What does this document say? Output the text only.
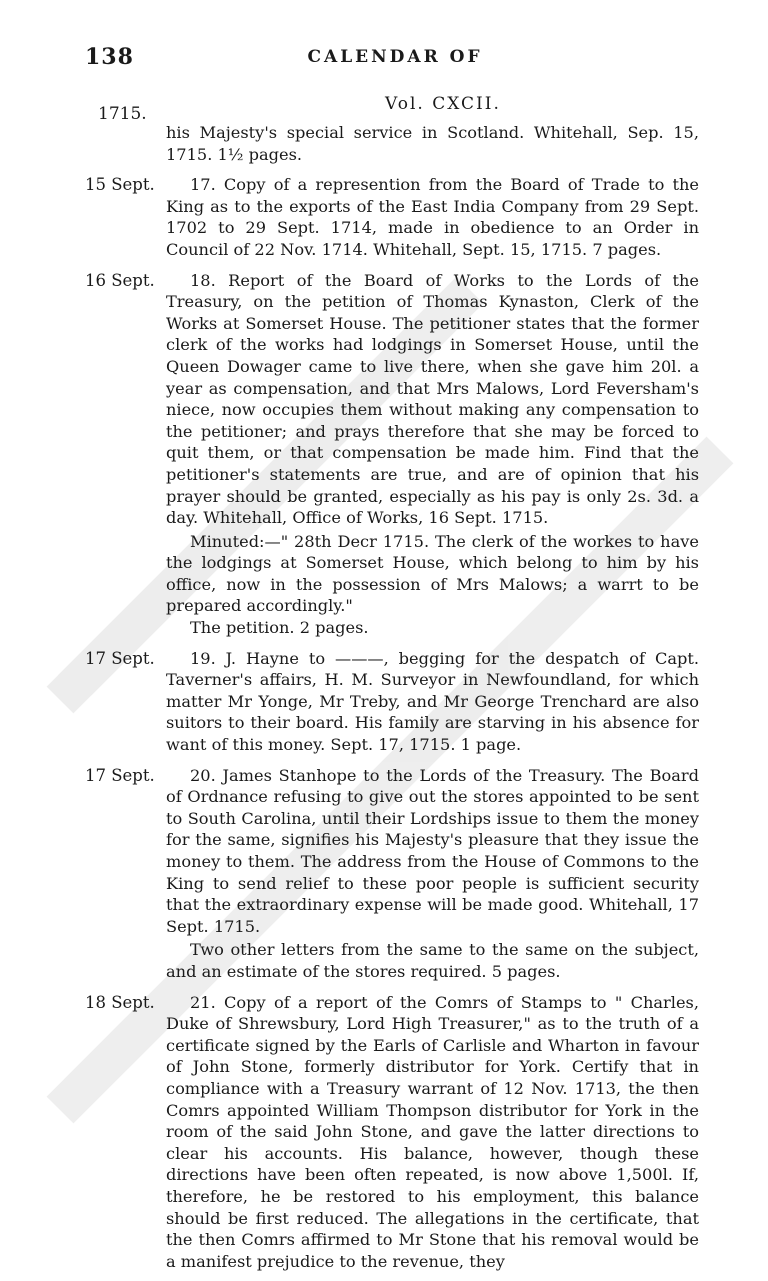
138	CALENDAR OF
1715.	Vol. CXCII.

his Majesty's special service in Scotland. Whitehall, Sep. 15, 1715. 1½ pages.

15 Sept.	17. Copy of a represention from the Board of Trade to the King as to the exports of the East India Company from 29 Sept. 1702 to 29 Sept. 1714, made in obedience to an Order in Council of 22 Nov. 1714. Whitehall, Sept. 15, 1715. 7 pages.

16 Sept.	18. Report of the Board of Works to the Lords of the Treasury, on the petition of Thomas Kynaston, Clerk of the Works at Somerset House. The petitioner states that the former clerk of the works had lodgings in Somerset House, until the Queen Dowager came to live there, when she gave him 20l. a year as compensation, and that Mrs Malows, Lord Feversham's niece, now occupies them without making any compensation to the petitioner; and prays therefore that she may be forced to quit them, or that compensation be made him. Find that the petitioner's statements are true, and are of opinion that his prayer should be granted, especially as his pay is only 2s. 3d. a day. Whitehall, Office of Works, 16 Sept. 1715.

Minuted:—" 28th Decr 1715. The clerk of the workes to have the lodgings at Somerset House, which belong to him by his office, now in the possession of Mrs Malows; a warrt to be prepared accordingly."

The petition. 2 pages.

17 Sept.	19. J. Hayne to ———, begging for the despatch of Capt. Taverner's affairs, H. M. Surveyor in Newfoundland, for which matter Mr Yonge, Mr Treby, and Mr George Trenchard are also suitors to their board. His family are starving in his absence for want of this money. Sept. 17, 1715. 1 page.

17 Sept.	20. James Stanhope to the Lords of the Treasury. The Board of Ordnance refusing to give out the stores appointed to be sent to South Carolina, until their Lordships issue to them the money for the same, signifies his Majesty's pleasure that they issue the money to them. The address from the House of Commons to the King to send relief to these poor people is sufficient security that the extraordinary expense will be made good. Whitehall, 17 Sept. 1715.

Two other letters from the same to the same on the subject, and an estimate of the stores required. 5 pages.

18 Sept.	21. Copy of a report of the Comrs of Stamps to " Charles, Duke of Shrewsbury, Lord High Treasurer," as to the truth of a certificate signed by the Earls of Carlisle and Wharton in favour of John Stone, formerly distributor for York. Certify that in compliance with a Treasury warrant of 12 Nov. 1713, the then Comrs appointed William Thompson distributor for York in the room of the said John Stone, and gave the latter directions to clear his accounts. His balance, however, though these directions have been often repeated, is now above 1,500l. If, therefore, he be restored to his employment, this balance should be first reduced. The allegations in the certificate, that the then Comrs affirmed to Mr Stone that his removal would be a manifest prejudice to the revenue, they
